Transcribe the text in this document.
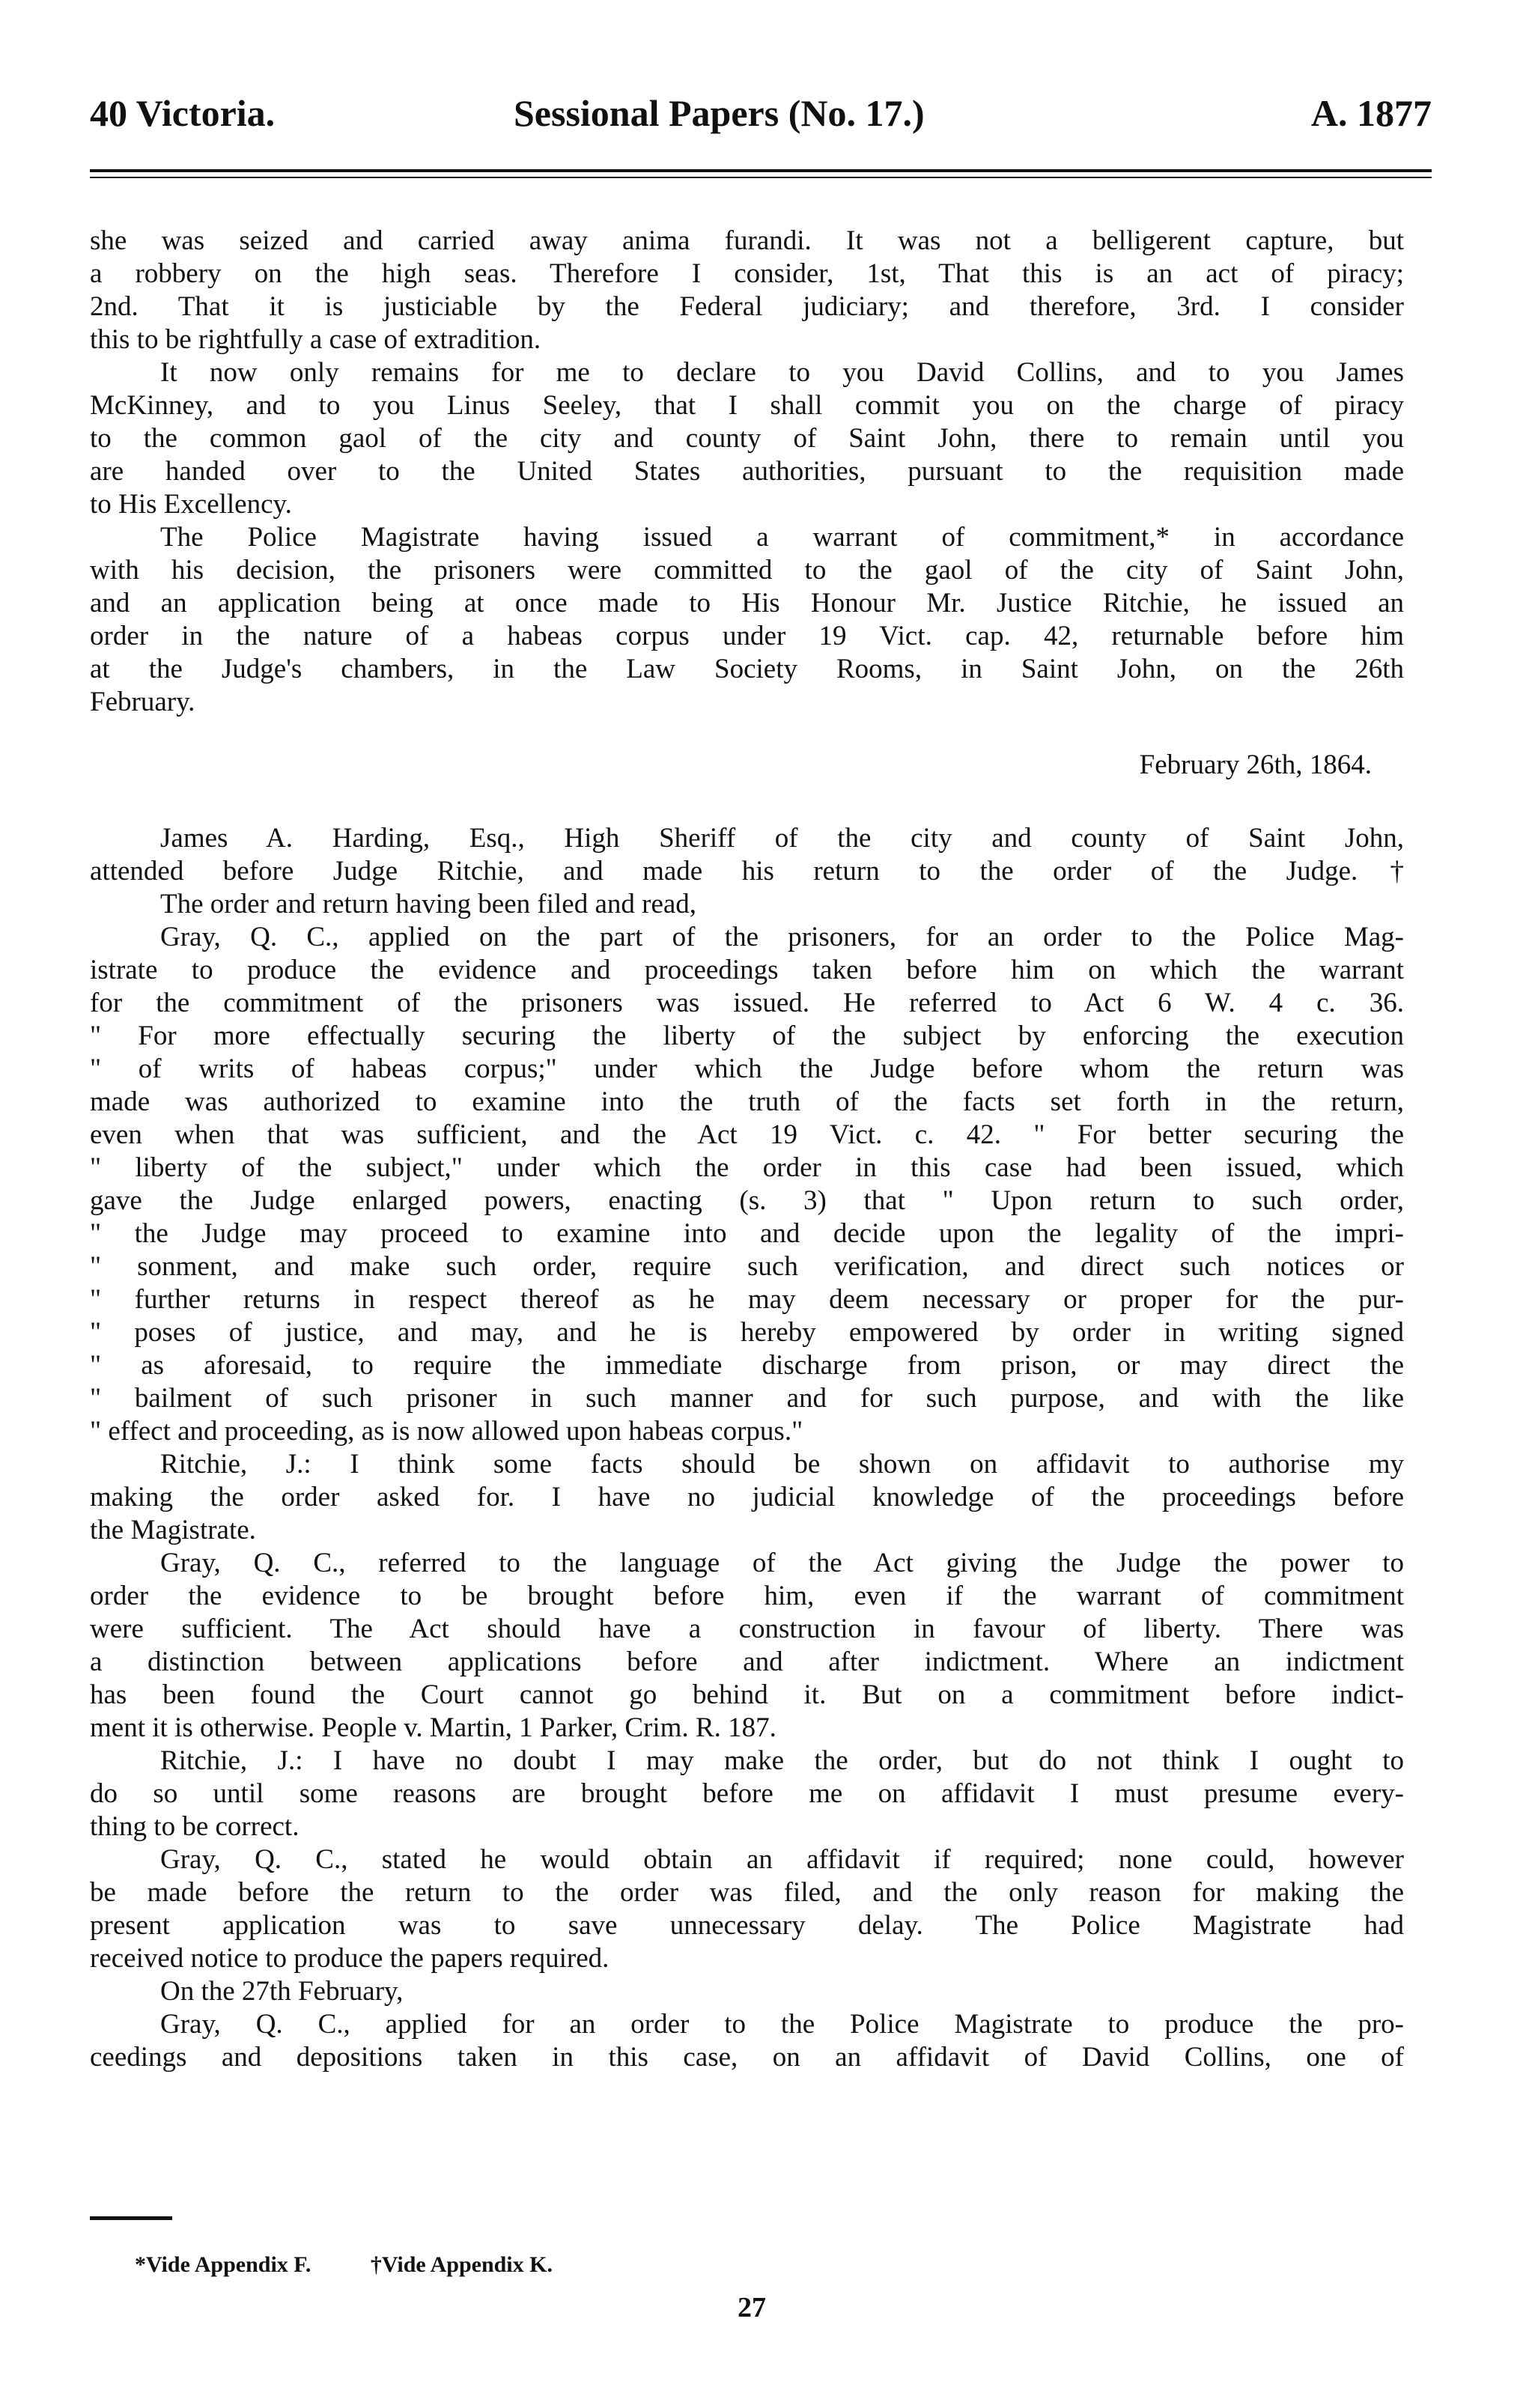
40 Victoria.	Sessional Papers (No. 17.)	A. 1877
she was seized and carried away anima furandi. It was not a belligerent capture, but
a robbery on the high seas. Therefore I consider, 1st, That this is an act of piracy;
2nd. That it is justiciable by the Federal judiciary; and therefore, 3rd. I consider
this to be rightfully a case of extradition.
It now only remains for me to declare to you David Collins, and to you James
McKinney, and to you Linus Seeley, that I shall commit you on the charge of piracy
to the common gaol of the city and county of Saint John, there to remain until you
are handed over to the United States authorities, pursuant to the requisition made
to His Excellency.
The Police Magistrate having issued a warrant of commitment,* in accordance
with his decision, the prisoners were committed to the gaol of the city of Saint John,
and an application being at once made to His Honour Mr. Justice Ritchie, he issued an
order in the nature of a habeas corpus under 19 Vict. cap. 42, returnable before him
at the Judge's chambers, in the Law Society Rooms, in Saint John, on the 26th
February.
February 26th, 1864.
James A. Harding, Esq., High Sheriff of the city and county of Saint John,
attended before Judge Ritchie, and made his return to the order of the Judge.†
The order and return having been filed and read,
Gray, Q. C., applied on the part of the prisoners, for an order to the Police Mag-
istrate to produce the evidence and proceedings taken before him on which the warrant
for the commitment of the prisoners was issued. He referred to Act 6 W. 4 c. 36.
" For more effectually securing the liberty of the subject by enforcing the execution
" of writs of habeas corpus;" under which the Judge before whom the return was
made was authorized to examine into the truth of the facts set forth in the return,
even when that was sufficient, and the Act 19 Vict. c. 42. " For better securing the
" liberty of the subject," under which the order in this case had been issued, which
gave the Judge enlarged powers, enacting (s. 3) that " Upon return to such order,
" the Judge may proceed to examine into and decide upon the legality of the impri-
" sonment, and make such order, require such verification, and direct such notices or
" further returns in respect thereof as he may deem necessary or proper for the pur-
" poses of justice, and may, and he is hereby empowered by order in writing signed
" as aforesaid, to require the immediate discharge from prison, or may direct the
" bailment of such prisoner in such manner and for such purpose, and with the like
" effect and proceeding, as is now allowed upon habeas corpus."
Ritchie, J.: I think some facts should be shown on affidavit to authorise my
making the order asked for. I have no judicial knowledge of the proceedings before
the Magistrate.
Gray, Q. C., referred to the language of the Act giving the Judge the power to
order the evidence to be brought before him, even if the warrant of commitment
were sufficient. The Act should have a construction in favour of liberty. There was
a distinction between applications before and after indictment. Where an indictment
has been found the Court cannot go behind it. But on a commitment before indict-
ment it is otherwise. People v. Martin, 1 Parker, Crim. R. 187.
Ritchie, J.: I have no doubt I may make the order, but do not think I ought to
do so until some reasons are brought before me on affidavit I must presume every-
thing to be correct.
Gray, Q. C., stated he would obtain an affidavit if required; none could, however
be made before the return to the order was filed, and the only reason for making the
present application was to save unnecessary delay. The Police Magistrate had
received notice to produce the papers required.
On the 27th February,
Gray, Q. C., applied for an order to the Police Magistrate to produce the pro-
ceedings and depositions taken in this case, on an affidavit of David Collins, one of
*Vide Appendix F.	†Vide Appendix K.
27
